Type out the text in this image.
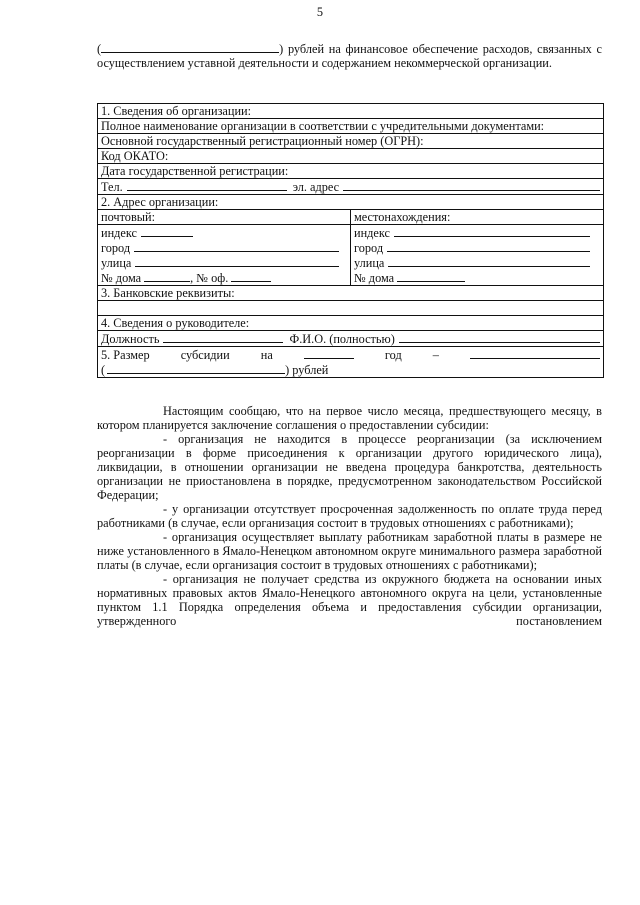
5

(	) рублей на финансовое обеспечение расходов, связанных с осуществлением уставной деятельности и содержанием некоммерческой организации.

1. Сведения об организации:
Полное наименование организации в соответствии с учредительными документами:
Основной государственный регистрационный номер (ОГРН):
Код ОКАТО:
Дата государственной регистрации:
Тел.	эл. адрес
2. Адрес организации:
почтовый:
индекс
город
улица
№ дома	, № оф.
местонахождения:
индекс
город
улица
№ дома
3. Банковские реквизиты:
4. Сведения о руководителе:
Должность	Ф.И.О. (полностью)
5. Размер	субсидии	на	год	–
(	) рублей

Настоящим сообщаю, что на первое число месяца, предшествующего месяцу, в котором планируется заключение соглашения о предоставлении субсидии:

- организация не находится в процессе реорганизации (за исключением реорганизации в форме присоединения к организации другого юридического лица), ликвидации, в отношении организации не введена процедура банкротства, деятельность организации не приостановлена в порядке, предусмотренном законодательством Российской Федерации;

- у организации отсутствует просроченная задолженность по оплате труда перед работниками (в случае, если организация состоит в трудовых отношениях с работниками);

- организация осуществляет выплату работникам заработной платы в размере не ниже установленного в Ямало-Ненецком автономном округе минимального размера заработной платы (в случае, если организация состоит в трудовых отношениях с работниками);

- организация не получает средства из окружного бюджета на основании иных нормативных правовых актов Ямало-Ненецкого автономного округа на цели, установленные пунктом 1.1 Порядка определения объема и предоставления субсидии организации, утвержденного постановлением
